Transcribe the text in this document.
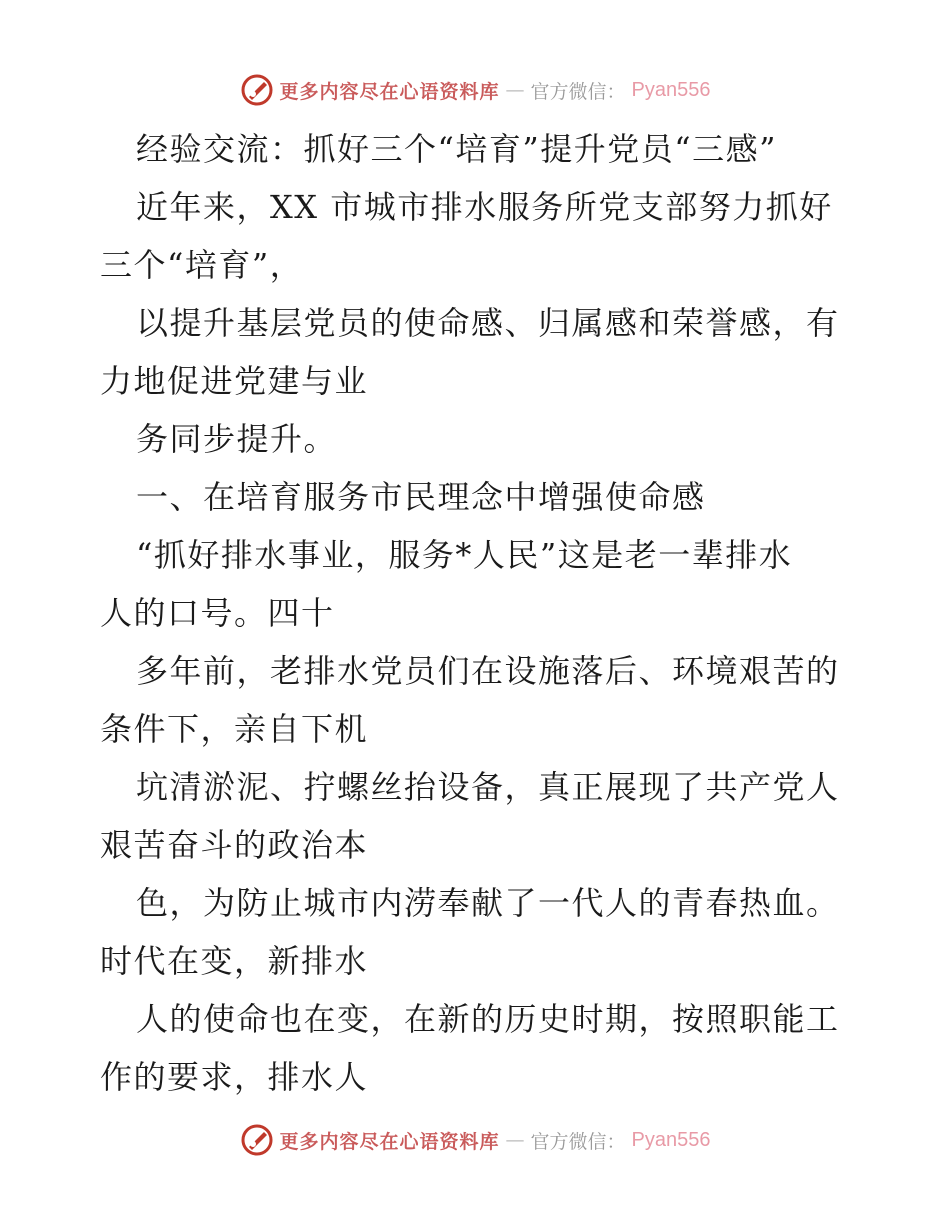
更多内容尽在心语资料库 — 官方微信： Pyan556
经验交流：抓好三个“培育”提升党员“三感”
近年来，XX 市城市排水服务所党支部努力抓好
三个“培育”，
以提升基层党员的使命感、归属感和荣誉感，有
力地促进党建与业
务同步提升。
一、在培育服务市民理念中增强使命感
“抓好排水事业，服务*人民”这是老一辈排水
人的口号。四十
多年前，老排水党员们在设施落后、环境艰苦的
条件下，亲自下机
坑清淤泥、拧螺丝抬设备，真正展现了共产党人
艰苦奋斗的政治本
色，为防止城市内涝奉献了一代人的青春热血。
时代在变，新排水
人的使命也在变，在新的历史时期，按照职能工
作的要求，排水人
更多内容尽在心语资料库 — 官方微信： Pyan556
